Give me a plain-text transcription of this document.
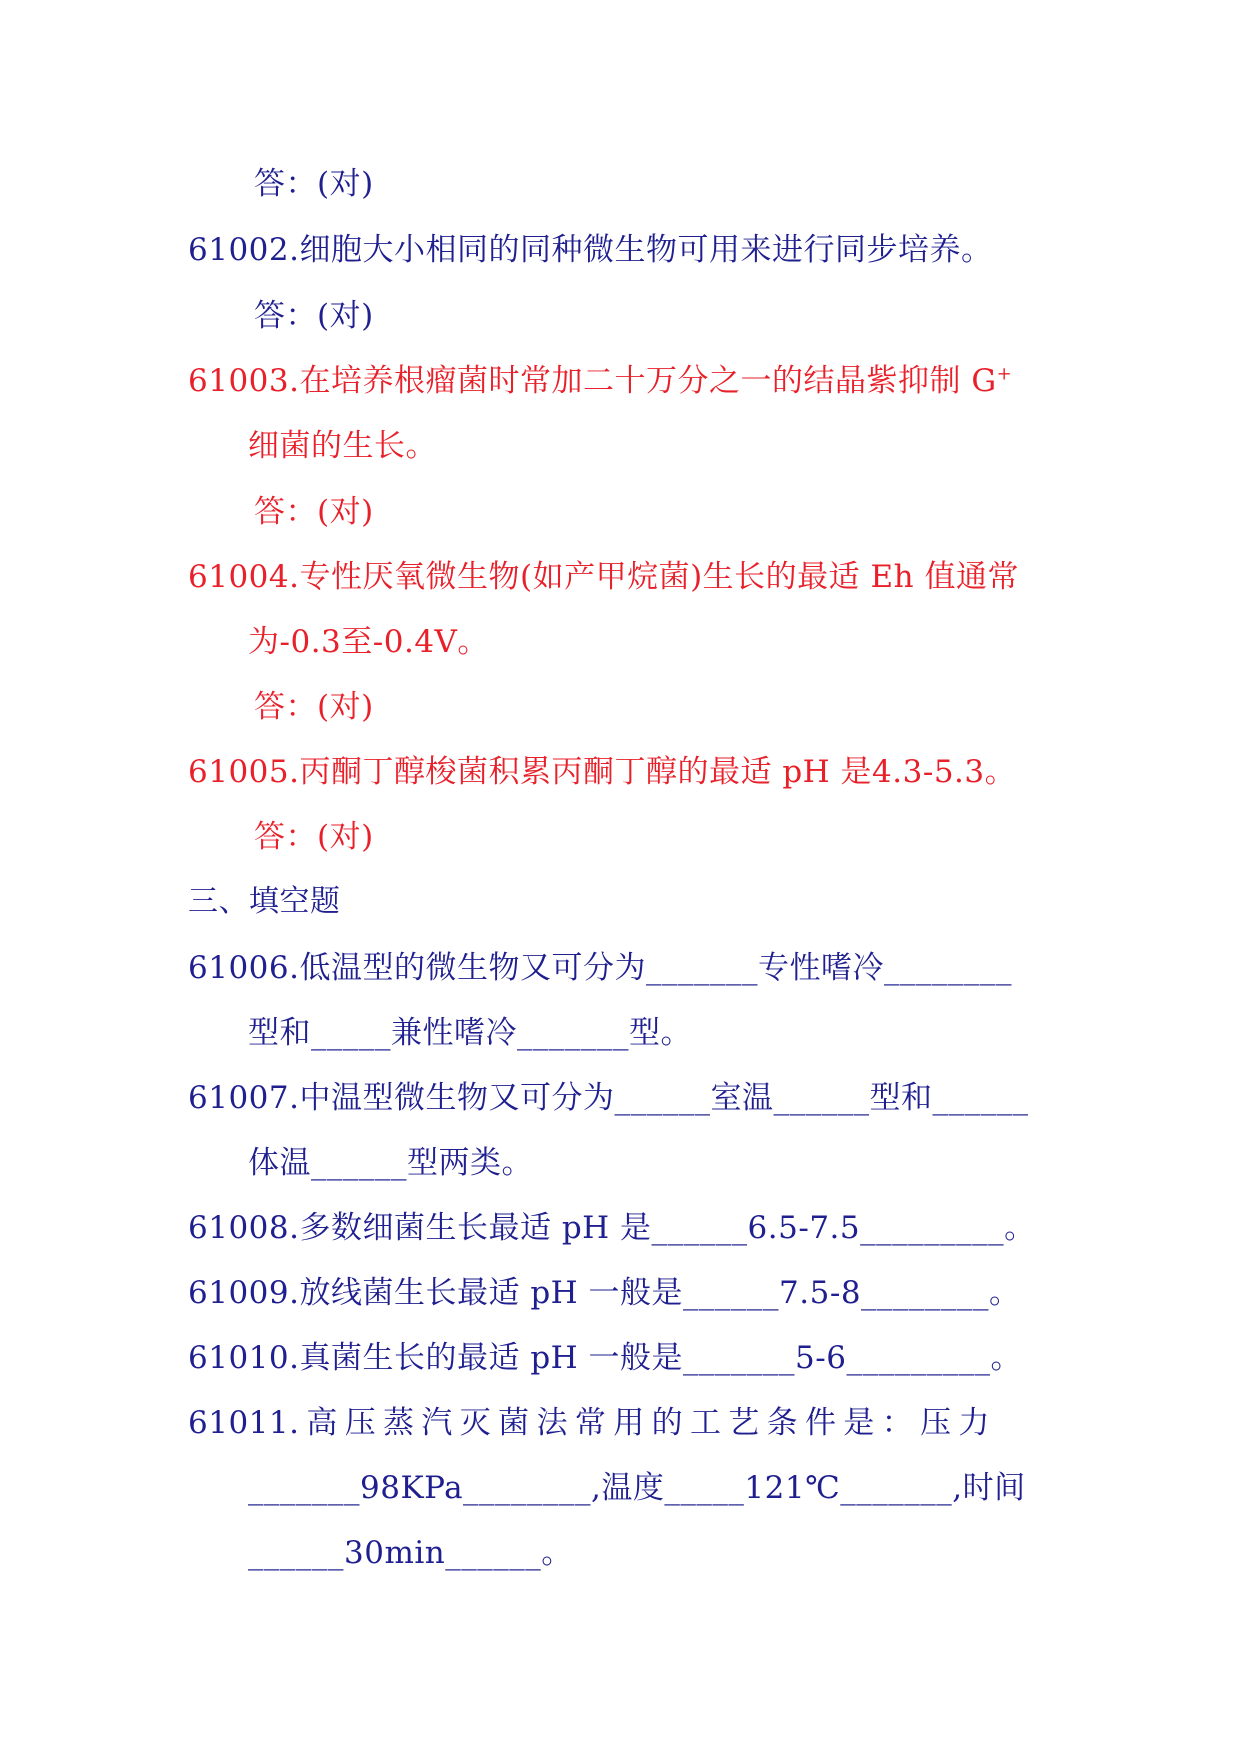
答：(对)
61002.细胞大小相同的同种微生物可用来进行同步培养。
答：(对)
61003.在培养根瘤菌时常加二十万分之一的结晶紫抑制 G+
细菌的生长。
答：(对)
61004.专性厌氧微生物(如产甲烷菌)生长的最适 Eh 值通常
为-0.3至-0.4V。
答：(对)
61005.丙酮丁醇梭菌积累丙酮丁醇的最适 pH 是4.3-5.3。
答：(对)
三、填空题
61006.低温型的微生物又可分为_______专性嗜冷________
型和_____兼性嗜冷_______型。
61007.中温型微生物又可分为______室温______型和______
体温______型两类。
61008.多数细菌生长最适 pH 是______6.5-7.5_________。
61009.放线菌生长最适 pH 一般是______7.5-8________。
61010.真菌生长的最适 pH 一般是_______5-6_________。
61011. 高 压 蒸 汽 灭 菌 法 常 用 的 工 艺 条 件 是 ： 压 力
_______98KPa________,温度_____121℃_______,时间
______30min______。
